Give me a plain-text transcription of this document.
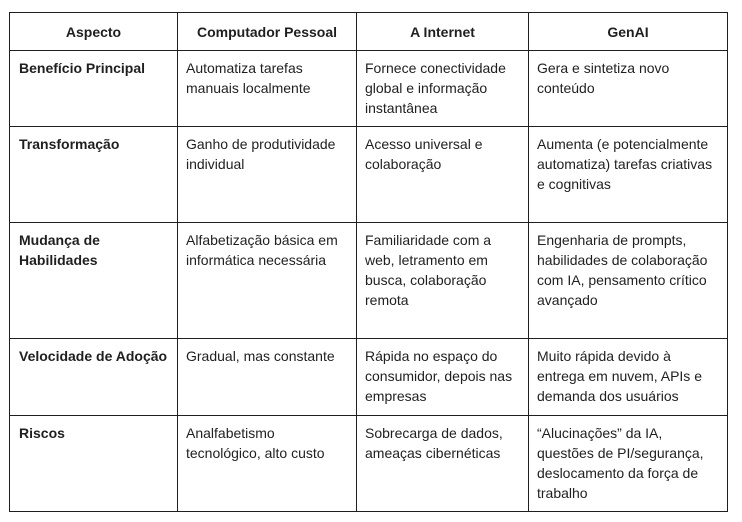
Aspecto	Computador Pessoal	A Internet	GenAI
Benefício Principal	Automatiza tarefas manuais localmente	Fornece conectividade global e informação instantânea	Gera e sintetiza novo conteúdo
Transformação	Ganho de produtividade individual	Acesso universal e colaboração	Aumenta (e potencialmente automatiza) tarefas criativas e cognitivas
Mudança de Habilidades	Alfabetização básica em informática necessária	Familiaridade com a web, letramento em busca, colaboração remota	Engenharia de prompts, habilidades de colaboração com IA, pensamento crítico avançado
Velocidade de Adoção	Gradual, mas constante	Rápida no espaço do consumidor, depois nas empresas	Muito rápida devido à entrega em nuvem, APIs e demanda dos usuários
Riscos	Analfabetismo tecnológico, alto custo	Sobrecarga de dados, ameaças cibernéticas	“Alucinações” da IA, questões de PI/segurança, deslocamento da força de trabalho
